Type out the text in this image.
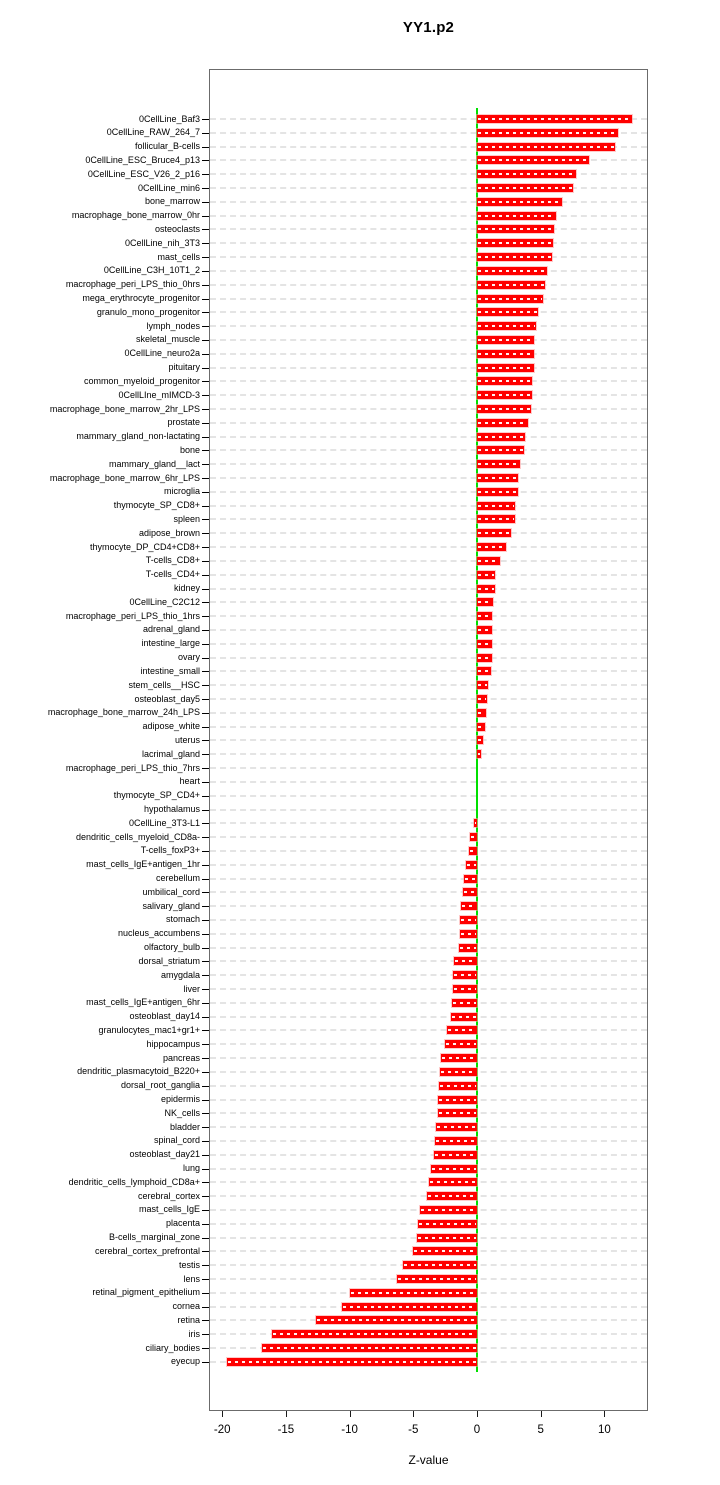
YY1.p2
0CellLine_Baf3
0CellLine_RAW_264_7
follicular_B-cells
0CellLine_ESC_Bruce4_p13
0CellLine_ESC_V26_2_p16
0CellLine_min6
bone_marrow
macrophage_bone_marrow_0hr
osteoclasts
0CellLine_nih_3T3
mast_cells
0CellLine_C3H_10T1_2
macrophage_peri_LPS_thio_0hrs
mega_erythrocyte_progenitor
granulo_mono_progenitor
lymph_nodes
skeletal_muscle
0CellLine_neuro2a
pituitary
common_myeloid_progenitor
0CellLIne_mIMCD-3
macrophage_bone_marrow_2hr_LPS
prostate
mammary_gland_non-lactating
bone
mammary_gland__lact
macrophage_bone_marrow_6hr_LPS
microglia
thymocyte_SP_CD8+
spleen
adipose_brown
thymocyte_DP_CD4+CD8+
T-cells_CD8+
T-cells_CD4+
kidney
0CellLine_C2C12
macrophage_peri_LPS_thio_1hrs
adrenal_gland
intestine_large
ovary
intestine_small
stem_cells__HSC
osteoblast_day5
macrophage_bone_marrow_24h_LPS
adipose_white
uterus
lacrimal_gland
macrophage_peri_LPS_thio_7hrs
heart
thymocyte_SP_CD4+
hypothalamus
0CellLine_3T3-L1
dendritic_cells_myeloid_CD8a-
T-cells_foxP3+
mast_cells_IgE+antigen_1hr
cerebellum
umbilical_cord
salivary_gland
stomach
nucleus_accumbens
olfactory_bulb
dorsal_striatum
amygdala
liver
mast_cells_IgE+antigen_6hr
osteoblast_day14
granulocytes_mac1+gr1+
hippocampus
pancreas
dendritic_plasmacytoid_B220+
dorsal_root_ganglia
epidermis
NK_cells
bladder
spinal_cord
osteoblast_day21
lung
dendritic_cells_lymphoid_CD8a+
cerebral_cortex
mast_cells_IgE
placenta
B-cells_marginal_zone
cerebral_cortex_prefrontal
testis
lens
retinal_pigment_epithelium
cornea
retina
iris
ciliary_bodies
eyecup
-20	-15	-10	-5	0	5	10
Z-value
